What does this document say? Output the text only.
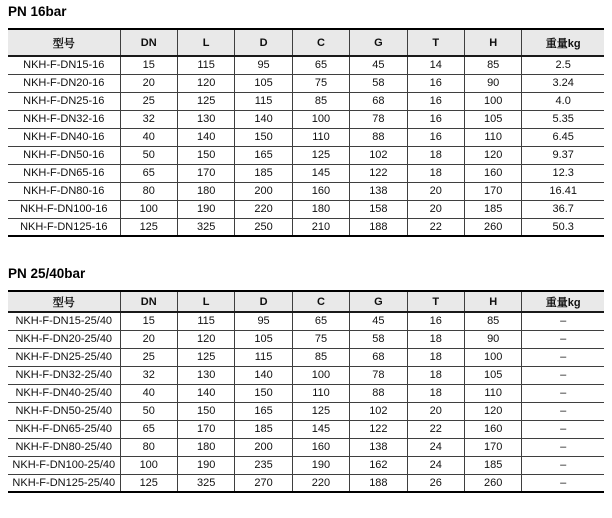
PN 16bar
型号	DN	L	D	C	G	T	H	重量kg
NKH-F-DN15-16	15	115	95	65	45	14	85	2.5
NKH-F-DN20-16	20	120	105	75	58	16	90	3.24
NKH-F-DN25-16	25	125	115	85	68	16	100	4.0
NKH-F-DN32-16	32	130	140	100	78	16	105	5.35
NKH-F-DN40-16	40	140	150	110	88	16	110	6.45
NKH-F-DN50-16	50	150	165	125	102	18	120	9.37
NKH-F-DN65-16	65	170	185	145	122	18	160	12.3
NKH-F-DN80-16	80	180	200	160	138	20	170	16.41
NKH-F-DN100-16	100	190	220	180	158	20	185	36.7
NKH-F-DN125-16	125	325	250	210	188	22	260	50.3
PN 25/40bar
型号	DN	L	D	C	G	T	H	重量kg
NKH-F-DN15-25/40	15	115	95	65	45	16	85	–
NKH-F-DN20-25/40	20	120	105	75	58	18	90	–
NKH-F-DN25-25/40	25	125	115	85	68	18	100	–
NKH-F-DN32-25/40	32	130	140	100	78	18	105	–
NKH-F-DN40-25/40	40	140	150	110	88	18	110	–
NKH-F-DN50-25/40	50	150	165	125	102	20	120	–
NKH-F-DN65-25/40	65	170	185	145	122	22	160	–
NKH-F-DN80-25/40	80	180	200	160	138	24	170	–
NKH-F-DN100-25/40	100	190	235	190	162	24	185	–
NKH-F-DN125-25/40	125	325	270	220	188	26	260	–
